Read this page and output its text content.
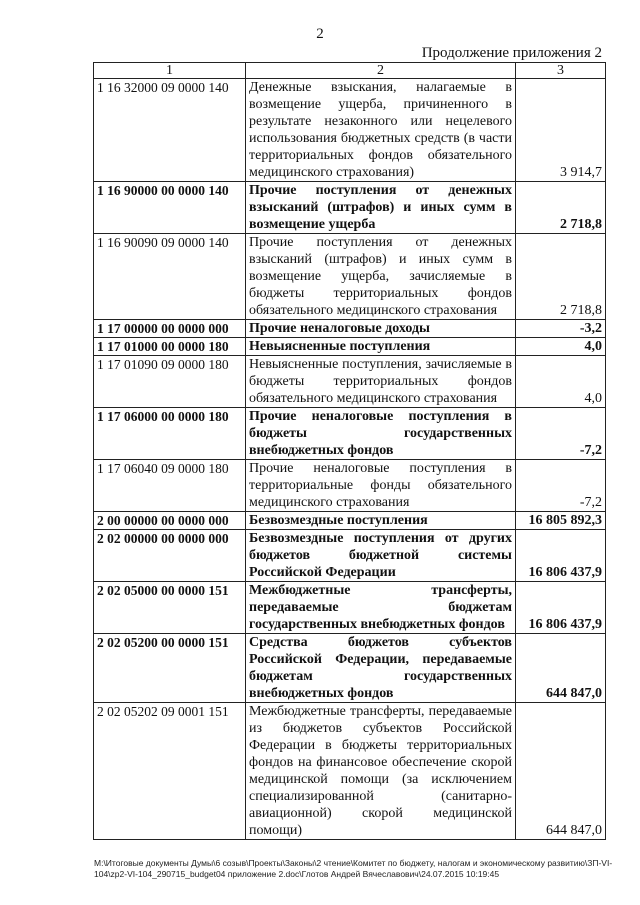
2
Продолжение приложения 2
1	2	3
1 16 32000 09 0000 140	Денежные взыскания, налагаемые в возмещение ущерба, причиненного в результате незаконного или нецелевого использования бюджетных средств (в части территориальных фондов обязательного медицинского страхования)	3 914,7
1 16 90000 00 0000 140	Прочие поступления от денежных взысканий (штрафов) и иных сумм в возмещение ущерба	2 718,8
1 16 90090 09 0000 140	Прочие поступления от денежных взысканий (штрафов) и иных сумм в возмещение ущерба, зачисляемые в бюджеты территориальных фондов обязательного медицинского страхования	2 718,8
1 17 00000 00 0000 000	Прочие неналоговые доходы	-3,2
1 17 01000 00 0000 180	Невыясненные поступления	4,0
1 17 01090 09 0000 180	Невыясненные поступления, зачисляемые в бюджеты территориальных фондов обязательного медицинского страхования	4,0
1 17 06000 00 0000 180	Прочие неналоговые поступления в бюджеты государственных внебюджетных фондов	-7,2
1 17 06040 09 0000 180	Прочие неналоговые поступления в территориальные фонды обязательного медицинского страхования	-7,2
2 00 00000 00 0000 000	Безвозмездные поступления	16 805 892,3
2 02 00000 00 0000 000	Безвозмездные поступления от других бюджетов бюджетной системы Российской Федерации	16 806 437,9
2 02 05000 00 0000 151	Межбюджетные трансферты, передаваемые бюджетам государственных внебюджетных фондов	16 806 437,9
2 02 05200 00 0000 151	Средства бюджетов субъектов Российской Федерации, передаваемые бюджетам государственных внебюджетных фондов	644 847,0
2 02 05202 09 0001 151	Межбюджетные трансферты, передаваемые из бюджетов субъектов Российской Федерации в бюджеты территориальных фондов на финансовое обеспечение скорой медицинской помощи (за исключением специализированной (санитарно-авиационной) скорой медицинской помощи)	644 847,0
М:\Итоговые документы Думы\6 созыв\Проекты\Законы\2 чтение\Комитет по бюджету, налогам и экономическому развитию\ЗП-VI-104\zp2-VI-104_290715_budget04 приложение 2.doc\Глотов Андрей Вячеславович\24.07.2015 10:19:45
